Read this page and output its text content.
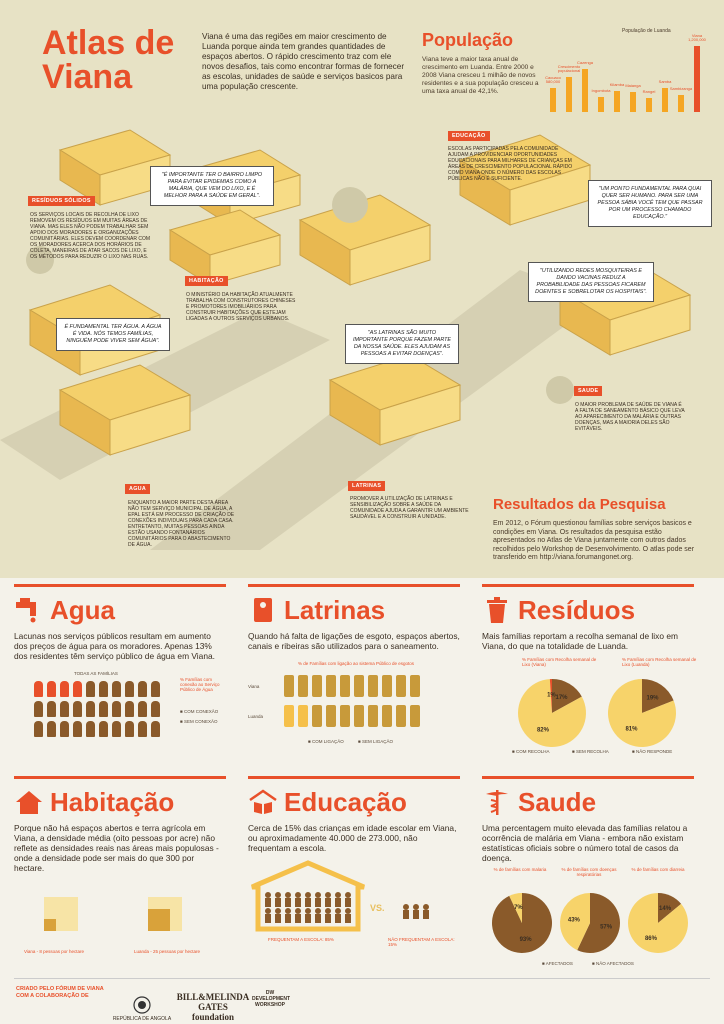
Atlas de Viana
Viana é uma das regiões em maior crescimento de Luanda porque ainda tem grandes quantidades de espaços abertos. O rápido crescimento traz com ele novos desafios, tais como encontrar formas de fornecer as escolas, unidades de saúde e serviços basicos para uma população crescente.
População
Viana teve a maior taxa anual de crescimento em Luanda. Entre 2000 e 2008 Viana cresceu 1 milhão de novos residentes e a sua população cresceu a uma taxa anual de 42,1%.
População de Luanda
Cacuaco 580,000
Crescimento populacional
Cazenga
Ingombota
Kilamba Maianga
Rangel
Samba
Sambizanga
Viana 1,200,000
RESÍDUOS SÓLIDOS
OS SERVIÇOS LOCAIS DE RECOLHA DE LIXO REMOVEM OS RESÍDUOS EM MUITAS ÁREAS DE VIANA. MAS ELES NÃO PODEM TRABALHAR SEM APOIO DOS MORADORES E ORGANIZAÇÕES COMUNITÁRIAS. ELES DEVEM COORDENAR COM OS MORADORES ACERCA DOS HORÁRIOS DE COLETA, MANEIRAS DE ATAR SACOS DE LIXO, E OS MÉTODOS PARA REDUZIR O LIXO NAS RUAS.
HABITAÇÃO
O MINISTÉRIO DA HABITAÇÃO ATUALMENTE TRABALHA COM CONSTRUTORES CHINESES E PROMOTORES IMOBILIÁRIOS PARA CONSTRUIR HABITAÇÕES QUE ESTEJAM LIGADAS A OUTROS SERVIÇOS URBANOS.
EDUCAÇÃO
ESCOLAS PARTICIPADAS PELA COMUNIDADE AJUDAM A PROVIDENCIAR OPORTUNIDADES EDUCACIONAIS PARA MILHARES DE CRIANÇAS EM ÁREAS DE CRESCIMENTO POPULACIONAL RÁPIDO COMO VIANA ONDE O NÚMERO DAS ESCOLAS PÚBLICAS NÃO É SUFICIENTE.
SAUDE
O MAIOR PROBLEMA DE SAÚDE DE VIANA É A FALTA DE SANEAMENTO BÁSICO QUE LEVA AO APARECIMENTO DA MALÁRIA E OUTRAS DOENÇAS, MAS A MAIORIA DELES SÃO EVITÁVEIS.
LATRINAS
PROMOVER A UTILIZAÇÃO DE LATRINAS E SENSIBILIZAÇÃO SOBRE A SAÚDE DA COMUNIDADE AJUDA A GARANTIR UM AMBIENTE SAUDÁVEL E A CONSTRUIR A UNIDADE.
AGUA
ENQUANTO A MAIOR PARTE DESTA ÁREA NÃO TEM SERVIÇO MUNICIPAL DE ÁGUA, A EPAL ESTÁ EM PROCESSO DE CRIAÇÃO DE CONEXÕES INDIVIDUAIS PARA CADA CASA. ENTRETANTO, MUITAS PESSOAS AINDA ESTÃO USANDO FONTANÁRIOS COMUNITÁRIOS PARA O ABASTECIMENTO DE ÁGUA.
"É IMPORTANTE TER O BAIRRO LIMPO PARA EVITAR EPIDEMIAS COMO A MALÁRIA, QUE VEM DO LIXO, E É MELHOR PARA A SAÚDE EM GERAL".
"UM PONTO FUNDAMENTAL PARA QUAI QUER SER HUMANO. PARA SER UMA PESSOA SÁBIA VOCÊ TEM QUE PASSAR POR UM PROCESSO CHAMADO EDUCAÇÃO."
"UTILIZANDO REDES MOSQUITEIRAS E DANDO VACINAS REDUZ A PROBABILIDADE DAS PESSOAS FICAREM DOENTES E SOBRELOTAR OS HOSPITAIS".
É FUNDAMENTAL TER ÁGUA. A ÁGUA É VIDA. NÓS TEMOS FAMÍLIAS, NINGUÉM PODE VIVER SEM ÁGUA".
"AS LATRINAS SÃO MUITO IMPORTANTE PORQUE FAZEM PARTE DA NOSSA SAÚDE. ELES AJUDAM AS PESSOAS A EVITAR DOENÇAS".
Resultados da Pesquisa
Em 2012, o Fórum questionou famílias sobre serviços basicos e condições em Viana. Os resultados da pesquisa estão apresentados no Atlas de Viana juntamente com outros dados recolhidos pelo Workshop de Desenvolvimento. O atlas pode ser transferido em http://viana.forumangonet.org.
Agua
Lacunas nos serviços públicos resultam em aumento dos preços de água para os moradores. Apenas 13% dos residentes têm serviço público de água em Viana.
TODAS AS FAMÍLIAS
% Famílias com conexão ao Serviço Público de Água
■ COM CONEXÃO
■ SEM CONEXÃO
Latrinas
Quando há falta de ligações de esgoto, espaços abertos, canais e ribeiras são utilizados para o saneamento.
% de Famílias com ligação ao sistema Público de esgotos
Viana
Luanda
■ COM LIGAÇÃO	■ SEM LIGAÇÃO
Resíduos
Mais famílias reportam a recolha semanal de lixo em Viana, do que na totalidade de Luanda.
% Famílias com Recolha semanal de Lixo (Viana)
% Famílias com Recolha semanal de Lixo (Luanda)
17%
82%
1%
19%
81%
■ COM RECOLHA	■ SEM RECOLHA	■ NÃO RESPONDE
Habitação
Porque não há espaços abertos e terra agrícola em Viana, a densidade média (oito pessoas por acre) não reflete as densidades reais nas áreas mais populosas - onde a densidade pode ser mais do que 300 por hectare.
Viana - 8 pessoas por hectare	Luanda - 25 pessoas por hectare
Educação
Cerca de 15% das crianças em idade escolar em Viana, ou aproximadamente 40.000 de 273.000, não frequentam a escola.
VS.
FREQUENTAM A ESCOLA: 85%	NÃO FREQUENTAM A ESCOLA: 15%
Saude
Uma percentagem muito elevada das famílias relatou a ocorrência de malária em Viana - embora não existam estatísticas oficiais sobre o número total de casos da doença.
% de famílias com malaria	% de famílias com doenças respiratórias
% de famílias com diarreia
93%
7%
57%
43%
14%
86%
■ AFECTADOS	■ NÃO AFECTADOS
CRIADO PELO FÓRUM DE VIANA COM A COLABORAÇÃO DE
REPÚBLICA DE ANGOLA
BILL&MELINDA GATES foundation
DW DEVELOPMENT WORKSHOP
